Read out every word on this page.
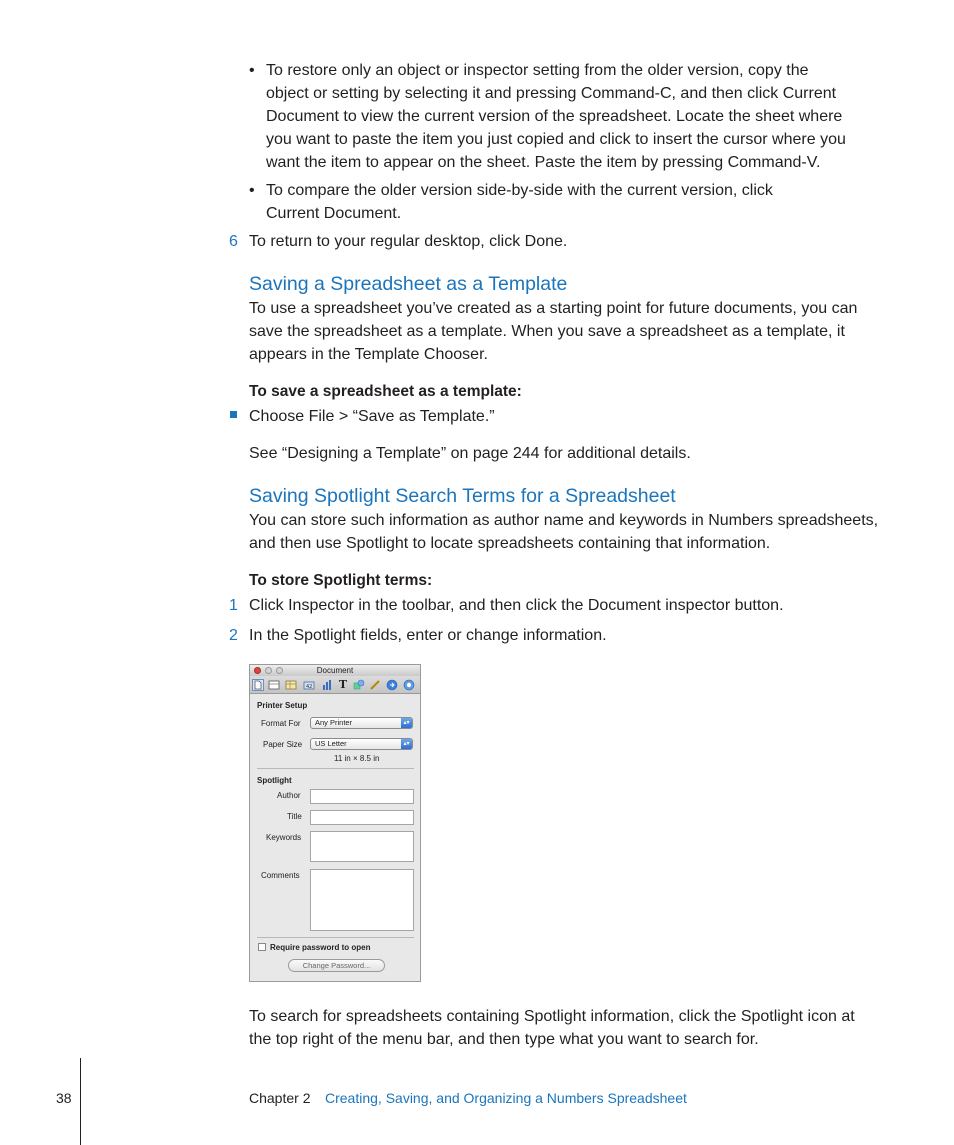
• To restore only an object or inspector setting from the older version, copy the
object or setting by selecting it and pressing Command-C, and then click Current
Document to view the current version of the spreadsheet. Locate the sheet where
you want to paste the item you just copied and click to insert the cursor where you
want the item to appear on the sheet. Paste the item by pressing Command-V.
• To compare the older version side-by-side with the current version, click
Current Document.
6 To return to your regular desktop, click Done.
Saving a Spreadsheet as a Template
To use a spreadsheet you’ve created as a starting point for future documents, you can
save the spreadsheet as a template. When you save a spreadsheet as a template, it
appears in the Template Chooser.
To save a spreadsheet as a template:
Choose File > “Save as Template.”
See “Designing a Template” on page 244 for additional details.
Saving Spotlight Search Terms for a Spreadsheet
You can store such information as author name and keywords in Numbers spreadsheets,
and then use Spotlight to locate spreadsheets containing that information.
To store Spotlight terms:
1 Click Inspector in the toolbar, and then click the Document inspector button.
2 In the Spotlight fields, enter or change information.
Document
42 T
Printer Setup
Format For	Any Printer	▴▾
Paper Size	US Letter	▴▾
11 in × 8.5 in
Spotlight
Author
Title
Keywords
Comments
Require password to open
Change Password...
To search for spreadsheets containing Spotlight information, click the Spotlight icon at
the top right of the menu bar, and then type what you want to search for.
38	Chapter 2 Creating, Saving, and Organizing a Numbers Spreadsheet
